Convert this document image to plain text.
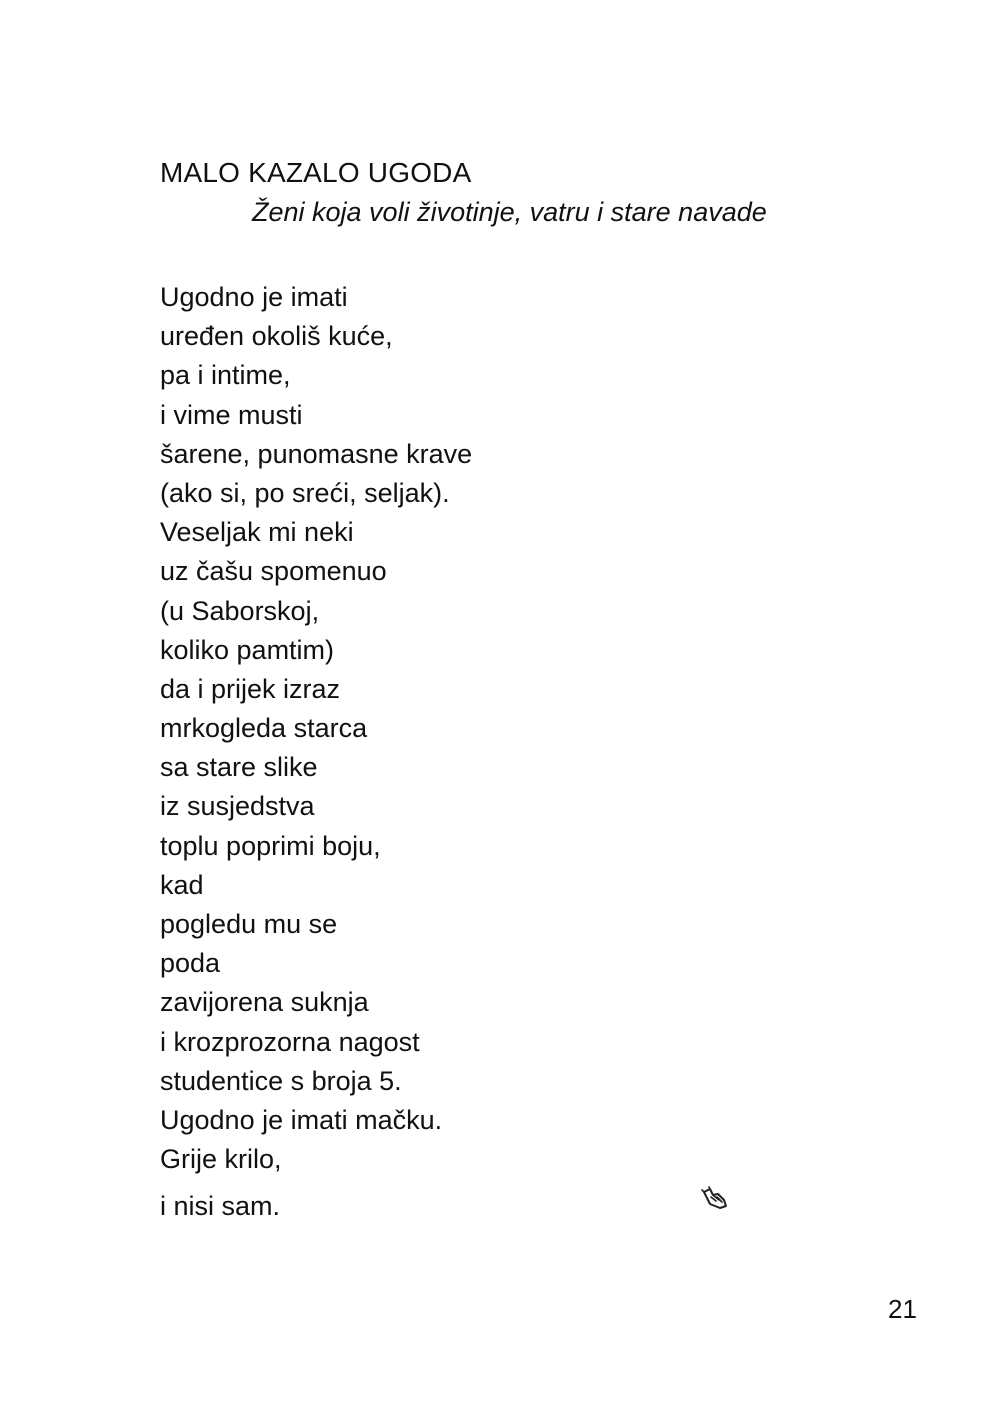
MALO KAZALO UGODA
Ženi koja voli životinje, vatru i stare navade
Ugodno je imati
uređen okoliš kuće,
pa i intime,
i vime musti
šarene, punomasne krave
(ako si, po sreći, seljak).
Veseljak mi neki
uz čašu spomenuo
(u Saborskoj,
koliko pamtim)
da i prijek izraz
mrkogleda starca
sa stare slike
iz susjedstva
toplu poprimi boju,
kad
pogledu mu se
poda
zavijorena suknja
i krozprozorna nagost
studentice s broja 5.
Ugodno je imati mačku.
Grije krilo,
i nisi sam.
21
